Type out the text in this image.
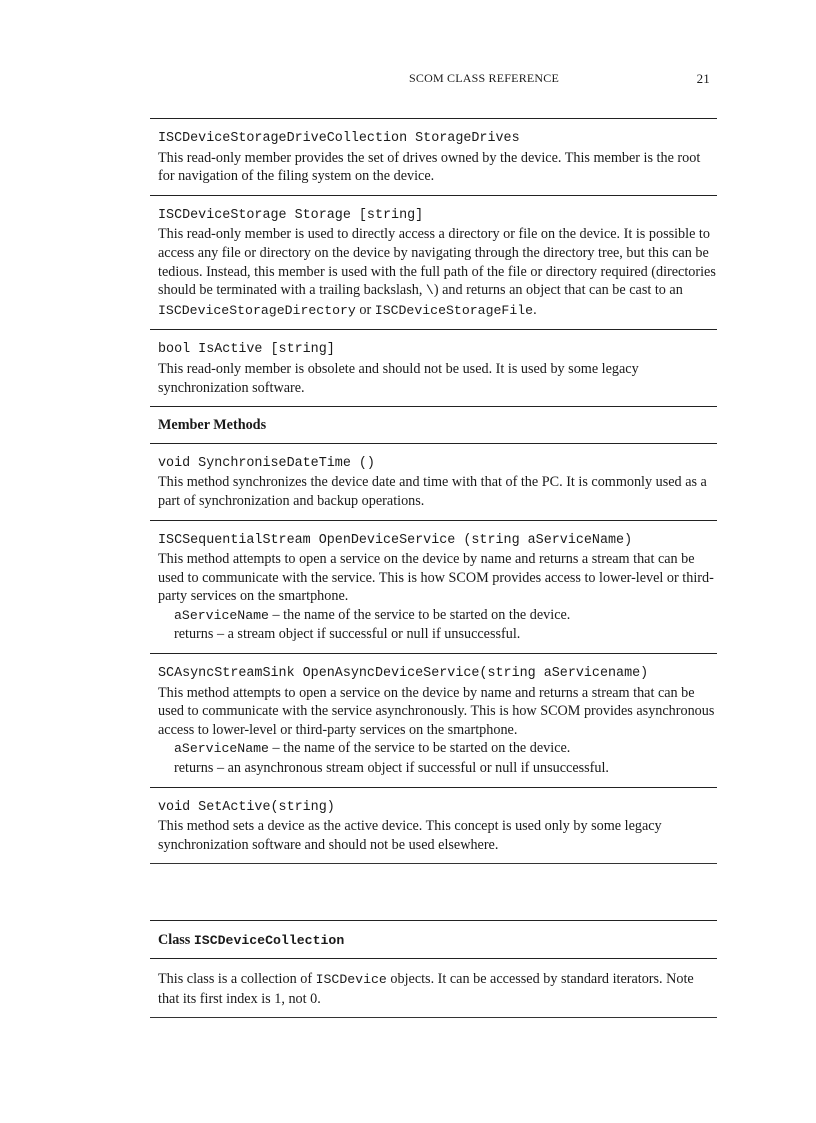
SCOM CLASS REFERENCE	21
ISCDeviceStorageDriveCollection StorageDrives

This read-only member provides the set of drives owned by the device. This member is the root for navigation of the filing system on the device.

ISCDeviceStorage Storage [string]

This read-only member is used to directly access a directory or file on the device. It is possible to access any file or directory on the device by navigating through the directory tree, but this can be tedious. Instead, this member is used with the full path of the file or directory required (directories should be terminated with a trailing backslash, \) and returns an object that can be cast to an ISCDeviceStorageDirectory or ISCDeviceStorageFile.

bool IsActive [string]

This read-only member is obsolete and should not be used. It is used by some legacy synchronization software.

Member Methods
void SynchroniseDateTime ()

This method synchronizes the device date and time with that of the PC. It is commonly used as a part of synchronization and backup operations.

ISCSequentialStream OpenDeviceService (string aServiceName)

This method attempts to open a service on the device by name and returns a stream that can be used to communicate with the service. This is how SCOM provides access to lower-level or third-party services on the smartphone.

aServiceName – the name of the service to be started on the device.

returns – a stream object if successful or null if unsuccessful.

SCAsyncStreamSink OpenAsyncDeviceService(string aServicename)

This method attempts to open a service on the device by name and returns a stream that can be used to communicate with the service asynchronously. This is how SCOM provides asynchronous access to lower-level or third-party services on the smartphone.

aServiceName – the name of the service to be started on the device.

returns – an asynchronous stream object if successful or null if unsuccessful.

void SetActive(string)

This method sets a device as the active device. This concept is used only by some legacy synchronization software and should not be used elsewhere.

Class ISCDeviceCollection

This class is a collection of ISCDevice objects. It can be accessed by standard iterators. Note that its first index is 1, not 0.
